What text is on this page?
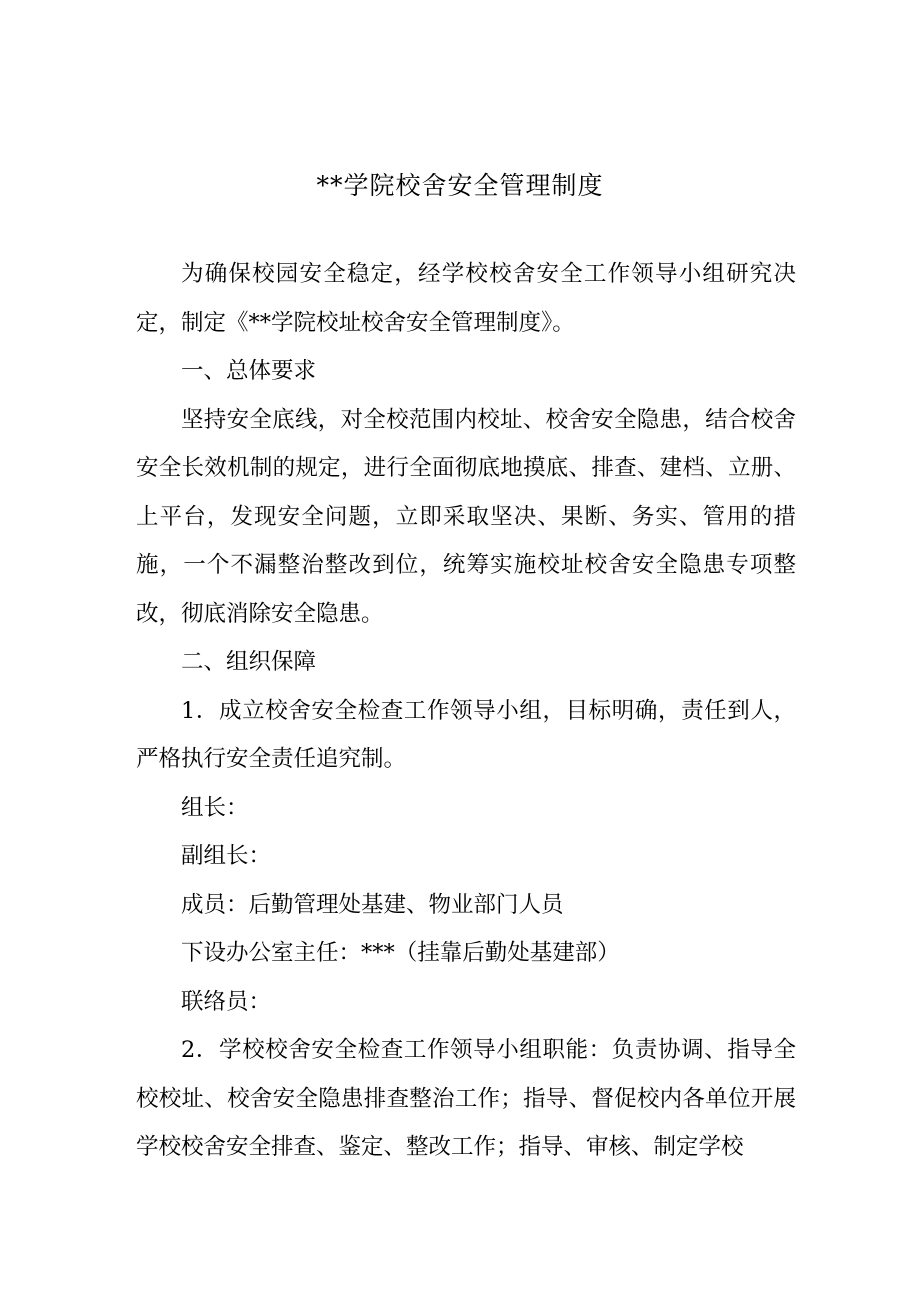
**学院校舍安全管理制度

为确保校园安全稳定，经学校校舍安全工作领导小组研究决定，制定《**学院校址校舍安全管理制度》。

一、总体要求

坚持安全底线，对全校范围内校址、校舍安全隐患，结合校舍安全长效机制的规定，进行全面彻底地摸底、排查、建档、立册、上平台，发现安全问题，立即采取坚决、果断、务实、管用的措施，一个不漏整治整改到位，统筹实施校址校舍安全隐患专项整改，彻底消除安全隐患。

二、组织保障

1．成立校舍安全检查工作领导小组，目标明确，责任到人，严格执行安全责任追究制。

组长：

副组长：

成员：后勤管理处基建、物业部门人员

下设办公室主任：***（挂靠后勤处基建部）

联络员：

2．学校校舍安全检查工作领导小组职能：负责协调、指导全校校址、校舍安全隐患排查整治工作；指导、督促校内各单位开展学校校舍安全排查、鉴定、整改工作；指导、审核、制定学校
